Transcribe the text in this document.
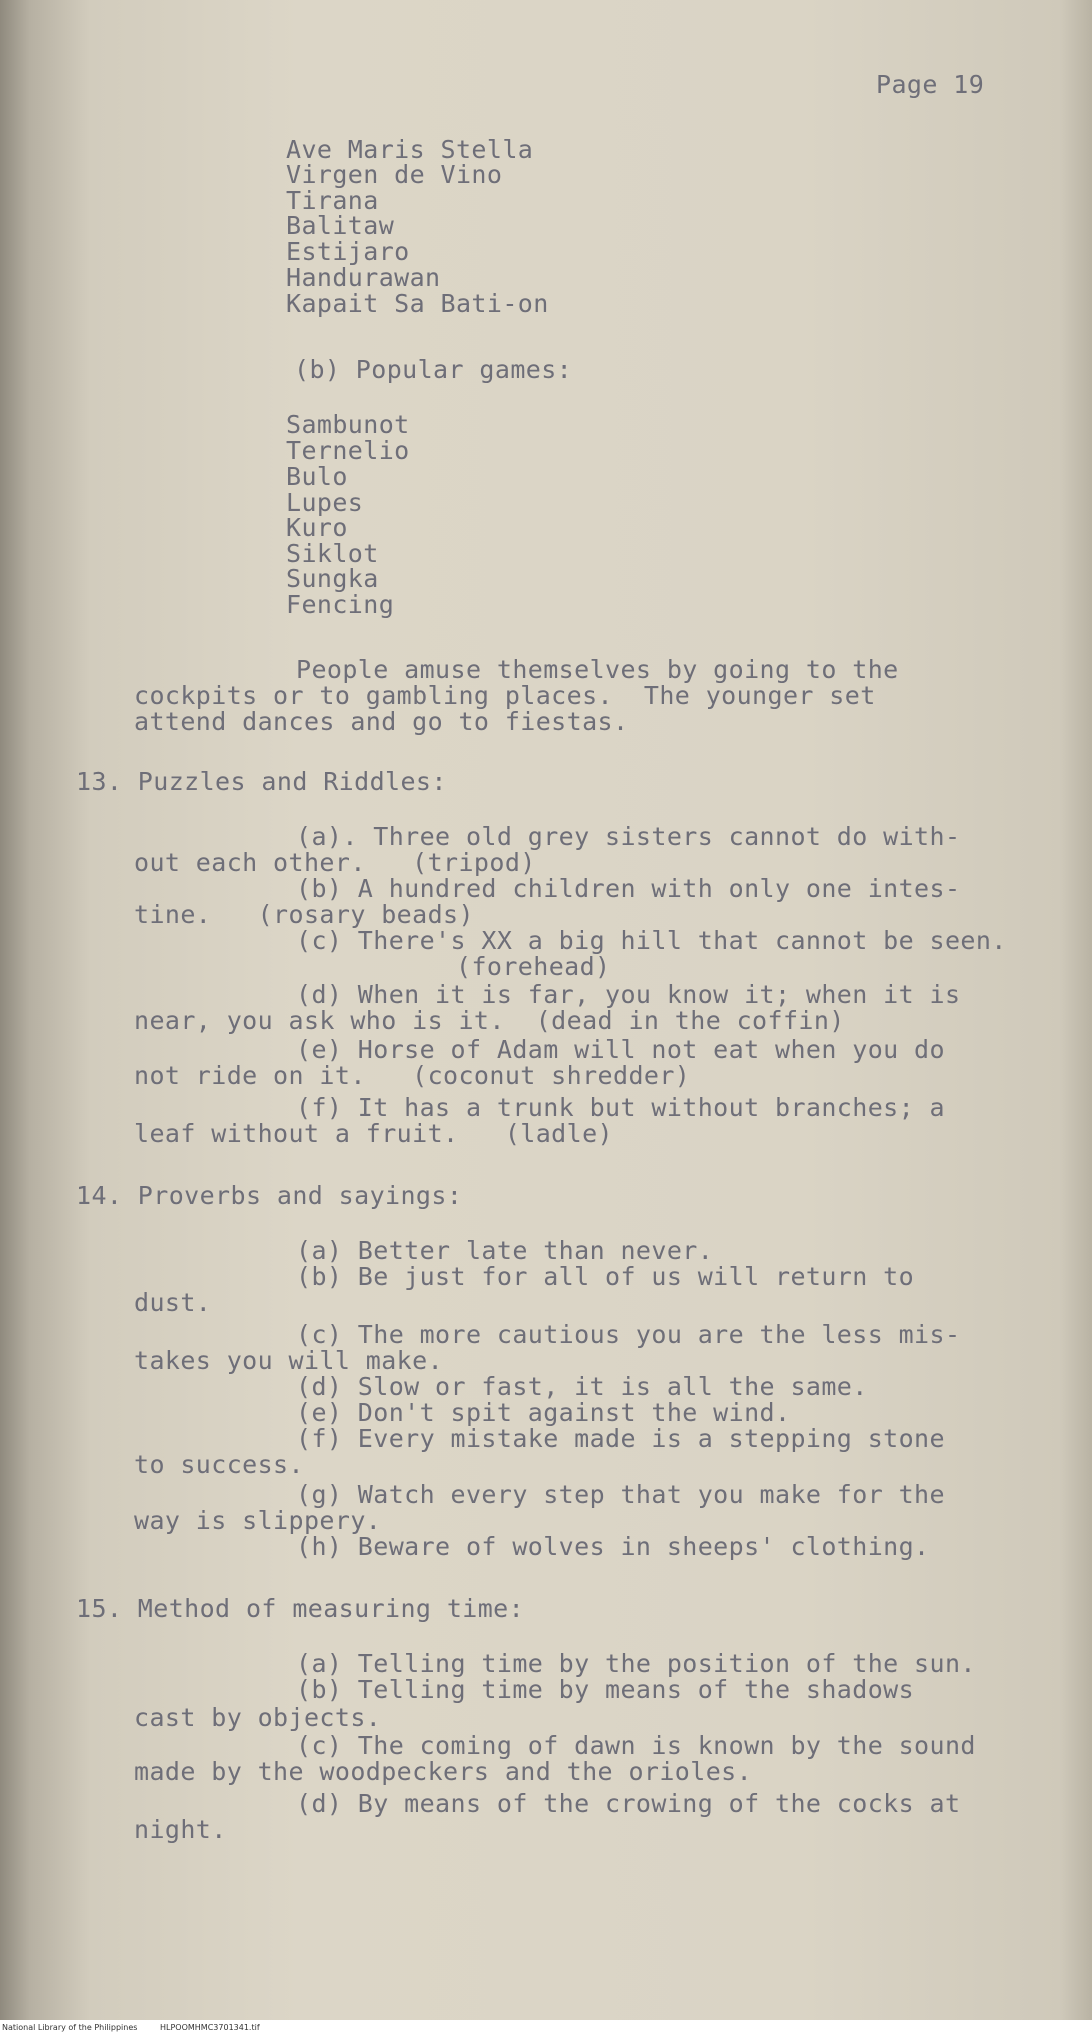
Page 19
Ave Maris Stella
Virgen de Vino
Tirana
Balitaw
Estijaro
Handurawan
Kapait Sa Bati-on
(b) Popular games:
Sambunot
Ternelio
Bulo
Lupes
Kuro
Siklot
Sungka
Fencing
People amuse themselves by going to the
cockpits or to gambling places.  The younger set
attend dances and go to fiestas.
13. Puzzles and Riddles:
(a). Three old grey sisters cannot do with-
out each other.   (tripod)
(b) A hundred children with only one intes-
tine.   (rosary beads)
(c) There's XX a big hill that cannot be seen.
(forehead)
(d) When it is far, you know it; when it is
near, you ask who is it.  (dead in the coffin)
(e) Horse of Adam will not eat when you do
not ride on it.   (coconut shredder)
(f) It has a trunk but without branches; a
leaf without a fruit.   (ladle)
14. Proverbs and sayings:
(a) Better late than never.
(b) Be just for all of us will return to
dust.
(c) The more cautious you are the less mis-
takes you will make.
(d) Slow or fast, it is all the same.
(e) Don't spit against the wind.
(f) Every mistake made is a stepping stone
to success.
(g) Watch every step that you make for the
way is slippery.
(h) Beware of wolves in sheeps' clothing.
15. Method of measuring time:
(a) Telling time by the position of the sun.
(b) Telling time by means of the shadows
cast by objects.
(c) The coming of dawn is known by the sound
made by the woodpeckers and the orioles.
(d) By means of the crowing of the cocks at
night.
National Library of the Philippines	HLPOOMHMC3701341.tif
